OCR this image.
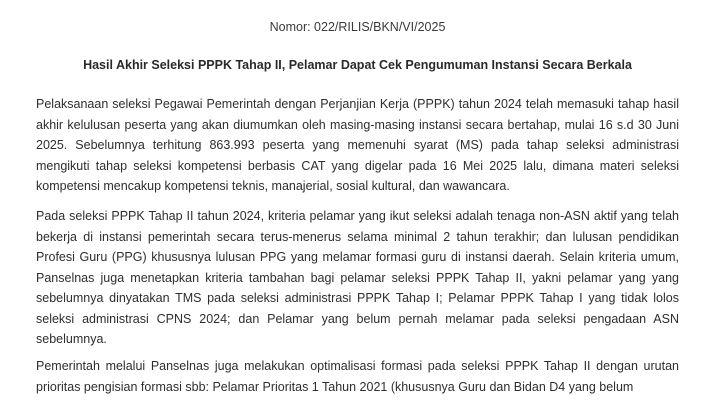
Nomor: 022/RILIS/BKN/VI/2025
Hasil Akhir Seleksi PPPK Tahap II, Pelamar Dapat Cek Pengumuman Instansi Secara Berkala

Pelaksanaan seleksi Pegawai Pemerintah dengan Perjanjian Kerja (PPPK) tahun 2024 telah memasuki tahap hasil akhir kelulusan peserta yang akan diumumkan oleh masing-masing instansi secara bertahap, mulai 16 s.d 30 Juni 2025. Sebelumnya terhitung 863.993 peserta yang memenuhi syarat (MS) pada tahap seleksi administrasi mengikuti tahap seleksi kompetensi berbasis CAT yang digelar pada 16 Mei 2025 lalu, dimana materi seleksi kompetensi mencakup kompetensi teknis, manajerial, sosial kultural, dan wawancara.

Pada seleksi PPPK Tahap II tahun 2024, kriteria pelamar yang ikut seleksi adalah tenaga non-ASN aktif yang telah bekerja di instansi pemerintah secara terus-menerus selama minimal 2 tahun terakhir; dan lulusan pendidikan Profesi Guru (PPG) khususnya lulusan PPG yang melamar formasi guru di instansi daerah. Selain kriteria umum, Panselnas juga menetapkan kriteria tambahan bagi pelamar seleksi PPPK Tahap II, yakni pelamar yang yang sebelumnya dinyatakan TMS pada seleksi administrasi PPPK Tahap I; Pelamar PPPK Tahap I yang tidak lolos seleksi administrasi CPNS 2024; dan Pelamar yang belum pernah melamar pada seleksi pengadaan ASN sebelumnya.

Pemerintah melalui Panselnas juga melakukan optimalisasi formasi pada seleksi PPPK Tahap II dengan urutan prioritas pengisian formasi sbb: Pelamar Prioritas 1 Tahun 2021 (khususnya Guru dan Bidan D4 yang belum
